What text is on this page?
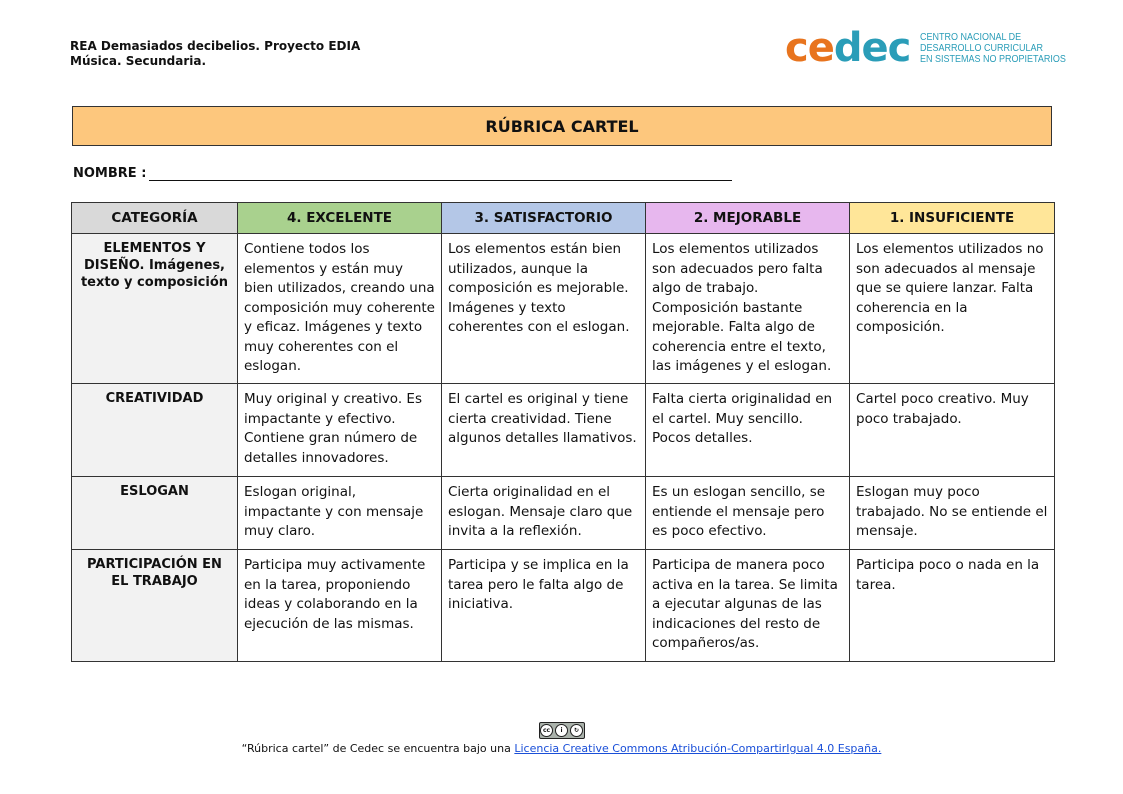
REA Demasiados decibelios. Proyecto EDIA
Música. Secundaria.	cedec CENTRO NACIONAL DE
DESARROLLO CURRICULAR
EN SISTEMAS NO PROPIETARIOS
RÚBRICA CARTEL
NOMBRE :
CATEGORÍA	4. EXCELENTE	3. SATISFACTORIO	2. MEJORABLE	1. INSUFICIENTE
ELEMENTOS Y DISEÑO. Imágenes, texto y composición	Contiene todos los elementos y están muy bien utilizados, creando una composición muy coherente y eficaz. Imágenes y texto muy coherentes con el eslogan.	Los elementos están bien utilizados, aunque la composición es mejorable. Imágenes y texto coherentes con el eslogan.	Los elementos utilizados son adecuados pero falta algo de trabajo. Composición bastante mejorable. Falta algo de coherencia entre el texto, las imágenes y el eslogan.	Los elementos utilizados no son adecuados al mensaje que se quiere lanzar. Falta coherencia en la composición.
CREATIVIDAD	Muy original y creativo. Es impactante y efectivo. Contiene gran número de detalles innovadores.	El cartel es original y tiene cierta creatividad. Tiene algunos detalles llamativos.	Falta cierta originalidad en el cartel. Muy sencillo. Pocos detalles.	Cartel poco creativo. Muy poco trabajado.
ESLOGAN	Eslogan original, impactante y con mensaje muy claro.	Cierta originalidad en el eslogan. Mensaje claro que invita a la reflexión.	Es un eslogan sencillo, se entiende el mensaje pero es poco efectivo.	Eslogan muy poco trabajado. No se entiende el mensaje.
PARTICIPACIÓN EN EL TRABAJO	Participa muy activamente en la tarea, proponiendo ideas y colaborando en la ejecución de las mismas.	Participa y se implica en la tarea pero le falta algo de iniciativa.	Participa de manera poco activa en la tarea. Se limita a ejecutar algunas de las indicaciones del resto de compañeros/as.	Participa poco o nada en la tarea.
cc	i	↻
“Rúbrica cartel” de Cedec se encuentra bajo una Licencia Creative Commons Atribución-CompartirIgual 4.0 España.
